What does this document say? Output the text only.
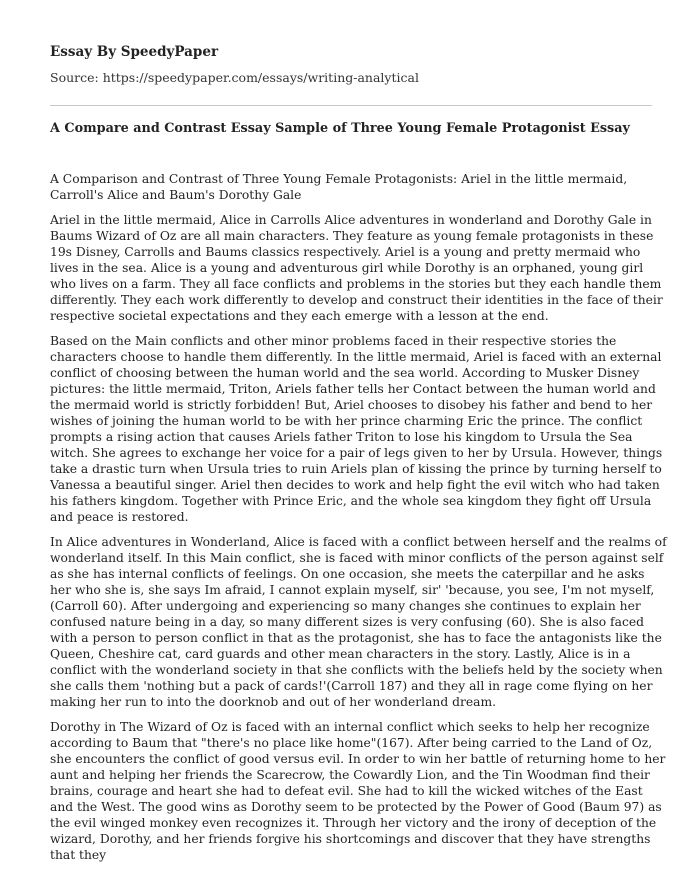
Essay By SpeedyPaper
Source: https://speedypaper.com/essays/writing-analytical
A Compare and Contrast Essay Sample of Three Young Female Protagonist Essay

A Comparison and Contrast of Three Young Female Protagonists: Ariel in the little mermaid, Carroll's Alice and Baum's Dorothy Gale

Ariel in the little mermaid, Alice in Carrolls Alice adventures in wonderland and Dorothy Gale in Baums Wizard of Oz are all main characters. They feature as young female protagonists in these 19s Disney, Carrolls and Baums classics respectively. Ariel is a young and pretty mermaid who lives in the sea. Alice is a young and adventurous girl while Dorothy is an orphaned, young girl who lives on a farm. They all face conflicts and problems in the stories but they each handle them differently. They each work differently to develop and construct their identities in the face of their respective societal expectations and they each emerge with a lesson at the end.

Based on the Main conflicts and other minor problems faced in their respective stories the characters choose to handle them differently. In the little mermaid, Ariel is faced with an external conflict of choosing between the human world and the sea world. According to Musker Disney pictures: the little mermaid, Triton, Ariels father tells her Contact between the human world and the mermaid world is strictly forbidden! But, Ariel chooses to disobey his father and bend to her wishes of joining the human world to be with her prince charming Eric the prince. The conflict prompts a rising action that causes Ariels father Triton to lose his kingdom to Ursula the Sea witch. She agrees to exchange her voice for a pair of legs given to her by Ursula. However, things take a drastic turn when Ursula tries to ruin Ariels plan of kissing the prince by turning herself to Vanessa a beautiful singer. Ariel then decides to work and help fight the evil witch who had taken his fathers kingdom. Together with Prince Eric, and the whole sea kingdom they fight off Ursula and peace is restored.

In Alice adventures in Wonderland, Alice is faced with a conflict between herself and the realms of wonderland itself. In this Main conflict, she is faced with minor conflicts of the person against self as she has internal conflicts of feelings. On one occasion, she meets the caterpillar and he asks her who she is, she says Im afraid, I cannot explain myself, sir' 'because, you see, I'm not myself, (Carroll 60). After undergoing and experiencing so many changes she continues to explain her confused nature being in a day, so many different sizes is very confusing (60). She is also faced with a person to person conflict in that as the protagonist, she has to face the antagonists like the Queen, Cheshire cat, card guards and other mean characters in the story. Lastly, Alice is in a conflict with the wonderland society in that she conflicts with the beliefs held by the society when she calls them 'nothing but a pack of cards!'(Carroll 187) and they all in rage come flying on her making her run to into the doorknob and out of her wonderland dream.

Dorothy in The Wizard of Oz is faced with an internal conflict which seeks to help her recognize according to Baum that "there's no place like home"(167). After being carried to the Land of Oz, she encounters the conflict of good versus evil. In order to win her battle of returning home to her aunt and helping her friends the Scarecrow, the Cowardly Lion, and the Tin Woodman find their brains, courage and heart she had to defeat evil. She had to kill the wicked witches of the East and the West. The good wins as Dorothy seem to be protected by the Power of Good (Baum 97) as the evil winged monkey even recognizes it. Through her victory and the irony of deception of the wizard, Dorothy, and her friends forgive his shortcomings and discover that they have strengths that they
